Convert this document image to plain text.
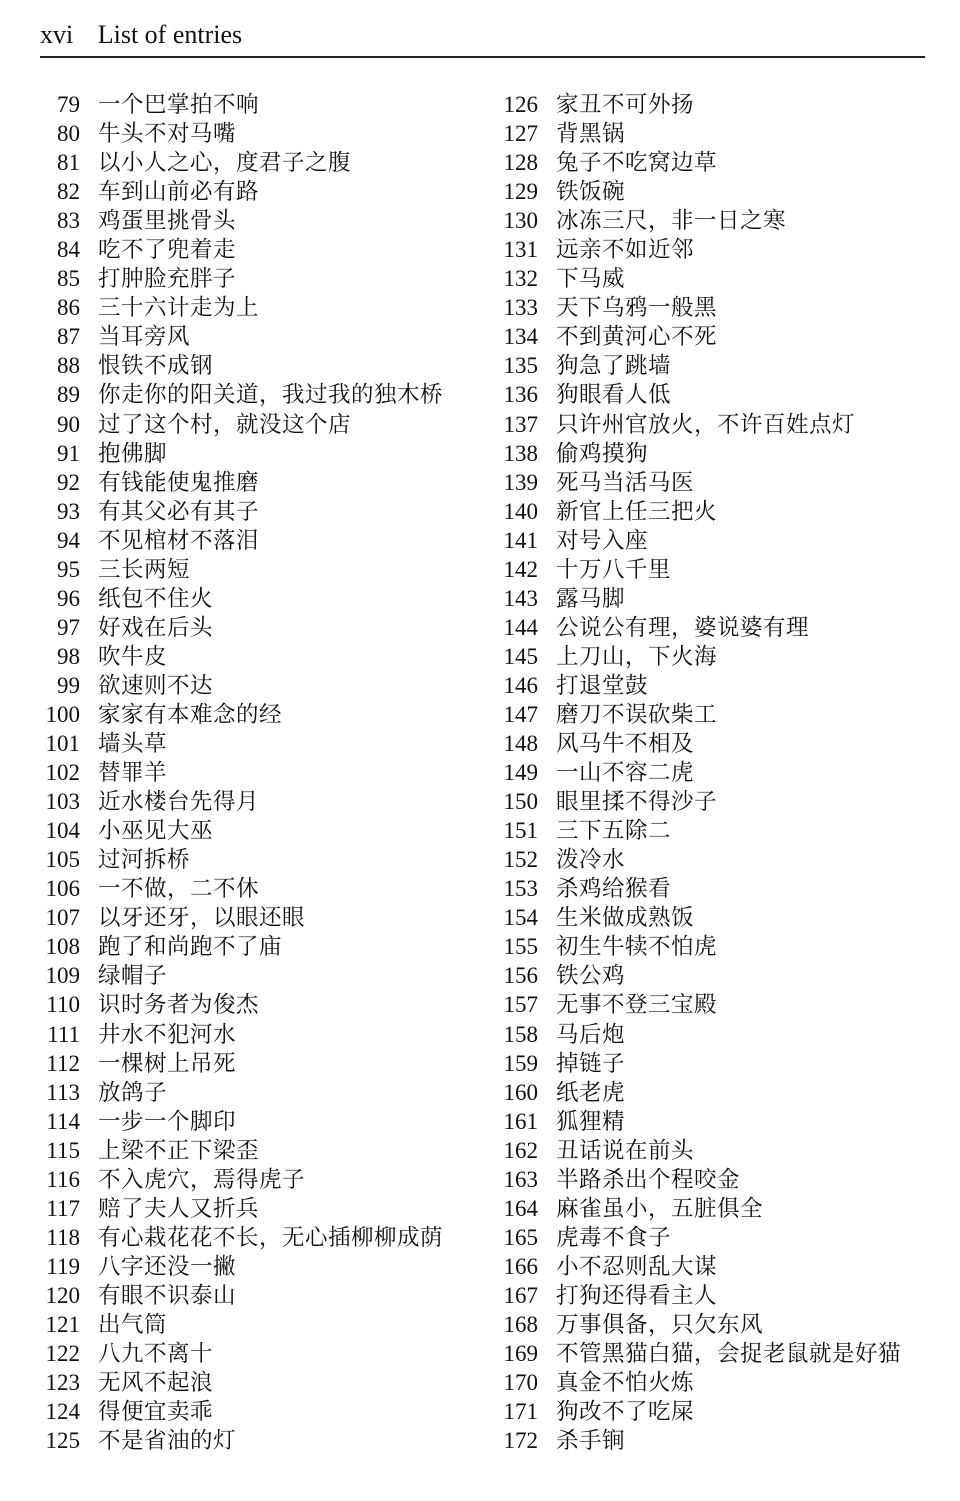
xvi List of entries
79 一个巴掌拍不响
80 牛头不对马嘴
81 以小人之心，度君子之腹
82 车到山前必有路
83 鸡蛋里挑骨头
84 吃不了兜着走
85 打肿脸充胖子
86 三十六计走为上
87 当耳旁风
88 恨铁不成钢
89 你走你的阳关道，我过我的独木桥
90 过了这个村，就没这个店
91 抱佛脚
92 有钱能使鬼推磨
93 有其父必有其子
94 不见棺材不落泪
95 三长两短
96 纸包不住火
97 好戏在后头
98 吹牛皮
99 欲速则不达
100 家家有本难念的经
101 墙头草
102 替罪羊
103 近水楼台先得月
104 小巫见大巫
105 过河拆桥
106 一不做，二不休
107 以牙还牙，以眼还眼
108 跑了和尚跑不了庙
109 绿帽子
110 识时务者为俊杰
111 井水不犯河水
112 一棵树上吊死
113 放鸽子
114 一步一个脚印
115 上梁不正下梁歪
116 不入虎穴，焉得虎子
117 赔了夫人又折兵
118 有心栽花花不长，无心插柳柳成荫
119 八字还没一撇
120 有眼不识泰山
121 出气筒
122 八九不离十
123 无风不起浪
124 得便宜卖乖
125 不是省油的灯
126 家丑不可外扬
127 背黑锅
128 兔子不吃窝边草
129 铁饭碗
130 冰冻三尺，非一日之寒
131 远亲不如近邻
132 下马威
133 天下乌鸦一般黑
134 不到黄河心不死
135 狗急了跳墙
136 狗眼看人低
137 只许州官放火，不许百姓点灯
138 偷鸡摸狗
139 死马当活马医
140 新官上任三把火
141 对号入座
142 十万八千里
143 露马脚
144 公说公有理，婆说婆有理
145 上刀山，下火海
146 打退堂鼓
147 磨刀不误砍柴工
148 风马牛不相及
149 一山不容二虎
150 眼里揉不得沙子
151 三下五除二
152 泼冷水
153 杀鸡给猴看
154 生米做成熟饭
155 初生牛犊不怕虎
156 铁公鸡
157 无事不登三宝殿
158 马后炮
159 掉链子
160 纸老虎
161 狐狸精
162 丑话说在前头
163 半路杀出个程咬金
164 麻雀虽小，五脏俱全
165 虎毒不食子
166 小不忍则乱大谋
167 打狗还得看主人
168 万事俱备，只欠东风
169 不管黑猫白猫，会捉老鼠就是好猫
170 真金不怕火炼
171 狗改不了吃屎
172 杀手锏
